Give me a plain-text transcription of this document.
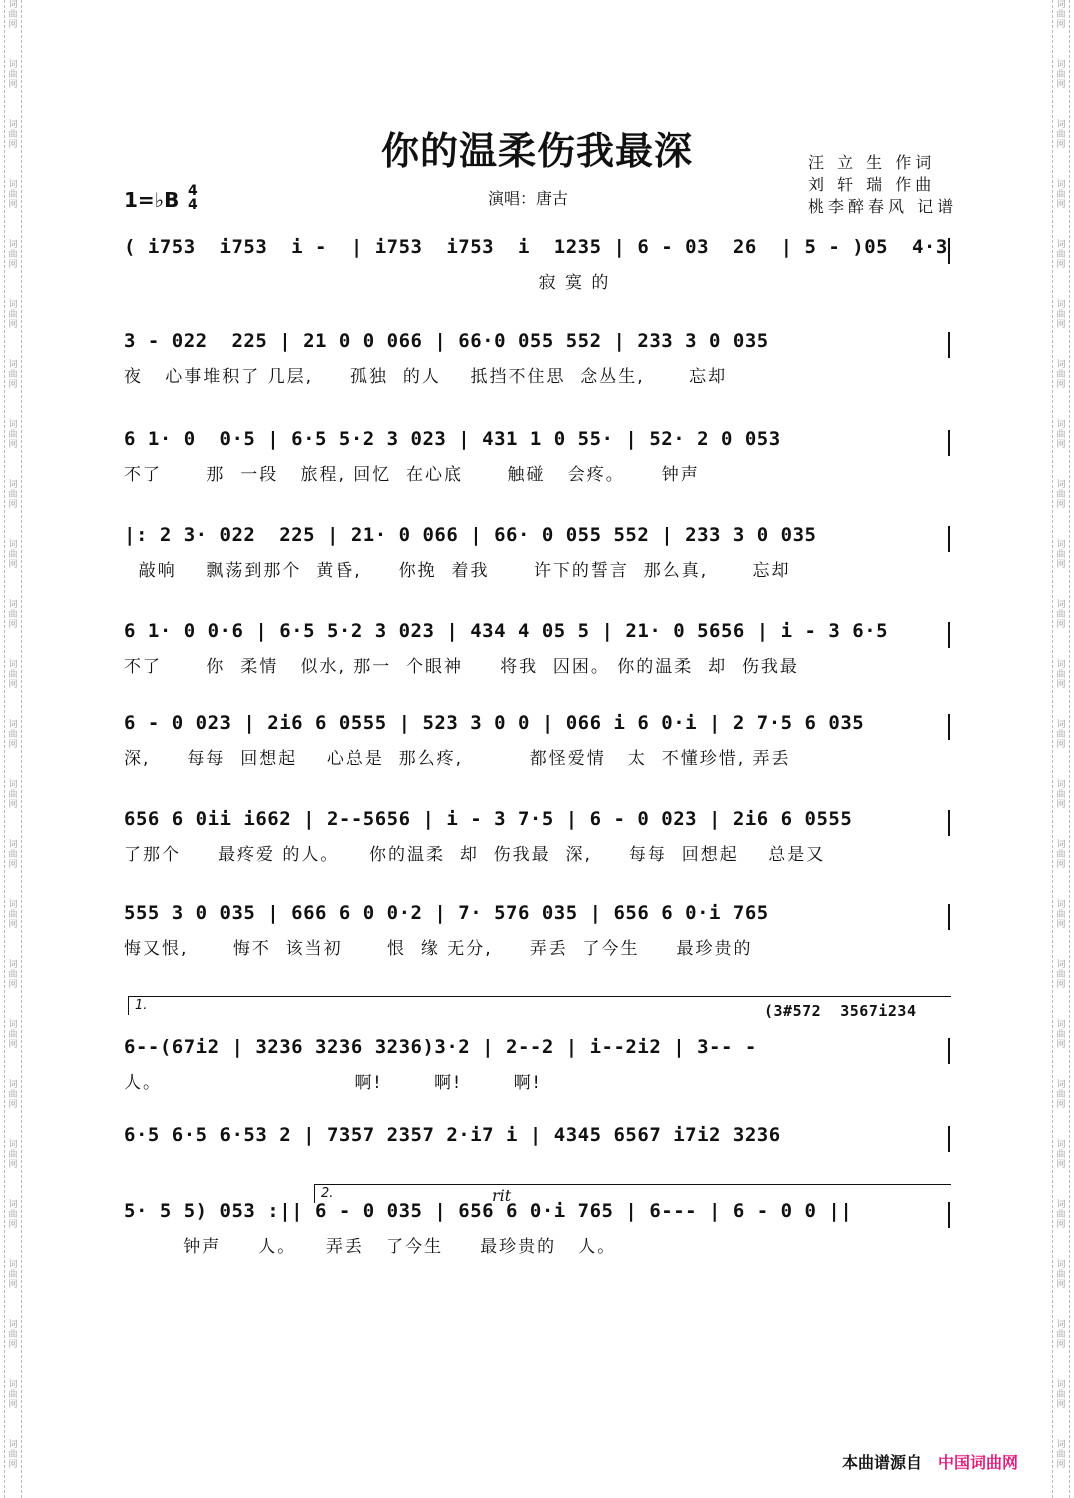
词
曲
网
词
曲
网
词
曲
网
词
曲
网
词
曲
网
词
曲
网
词
曲
网
词
曲
网
词
曲
网
词
曲
网
词
曲
网
词
曲
网
词
曲
网
词
曲
网
词
曲
网
词
曲
网
词
曲
网
词
曲
网
词
曲
网
词
曲
网
词
曲
网
词
曲
网
词
曲
网
词
曲
网
词
曲
网
词
曲
网
词
曲
网
词
曲
网
词
曲
网
词
曲
网
词
曲
网
词
曲
网
词
曲
网
词
曲
网
词
曲
网
词
曲
网
词
曲
网
词
曲
网
词
曲
网
词
曲
网
词
曲
网
词
曲
网
词
曲
网
词
曲
网
词
曲
网
词
曲
网
词
曲
网
词
曲
网
词
曲
网
词
曲
网
你的温柔伤我最深
1=♭B 4
4	演唱：唐古
汪 立 生 作词
刘 轩 瑞 作曲
桃李醉春风 记谱
( i753  i753  i -  | i753  i753  i  1235 | 6 - 03  26  | 5 - )05  4·3
寂 寞 的
3 - 022  225 | 21 0 0 066 | 66·0 055 552 | 233 3 0 035
夜   心事堆积了 几层,     孤独  的人    抵挡不住思  念丛生,      忘却
6 1· 0  0·5 | 6·5 5·2 3 023 | 431 1 0 55· | 52· 2 0 053
不了      那  一段   旅程, 回忆  在心底      触碰   会疼。     钟声
|: 2 3· 022  225 | 21· 0 066 | 66· 0 055 552 | 233 3 0 035
敲响    飘荡到那个  黄昏,     你挽  着我      许下的誓言  那么真,      忘却
6 1· 0 0·6 | 6·5 5·2 3 023 | 434 4 05 5 | 21· 0 5656 | i - 3 6·5
不了      你  柔情   似水, 那一  个眼神     将我  囚困。 你的温柔  却  伤我最
6 - 0 023 | 2i6 6 0555 | 523 3 0 0 | 066 i 6 0·i | 2 7·5 6 035
深,     每每  回想起    心总是  那么疼,         都怪爱情   太  不懂珍惜, 弄丢
656 6 0ii i662 | 2--5656 | i - 3 7·5 | 6 - 0 023 | 2i6 6 0555
了那个     最疼爱 的人。    你的温柔  却  伤我最  深,     每每  回想起    总是又
555 3 0 035 | 666 6 0 0·2 | 7· 576 035 | 656 6 0·i 765
悔又恨,      悔不  该当初      恨  缘 无分,     弄丢  了今生     最珍贵的
6--(67i2 | 3236 3236 3236)3·2 | 2--2 | i--2i2 | 3-- -
人。                          啊!       啊!       啊!
(3#572  3567i234
1.
6·5 6·5 6·53 2 | 7357 2357 2·i7 i | 4345 6567 i7i2 3236
5· 5 5) 053 :|| 6 - 0 035 | 656 6 0·i 765 | 6--- | 6 - 0 0 ||
钟声     人。    弄丢   了今生     最珍贵的   人。
2.	rit
本曲谱源自 中国词曲网
